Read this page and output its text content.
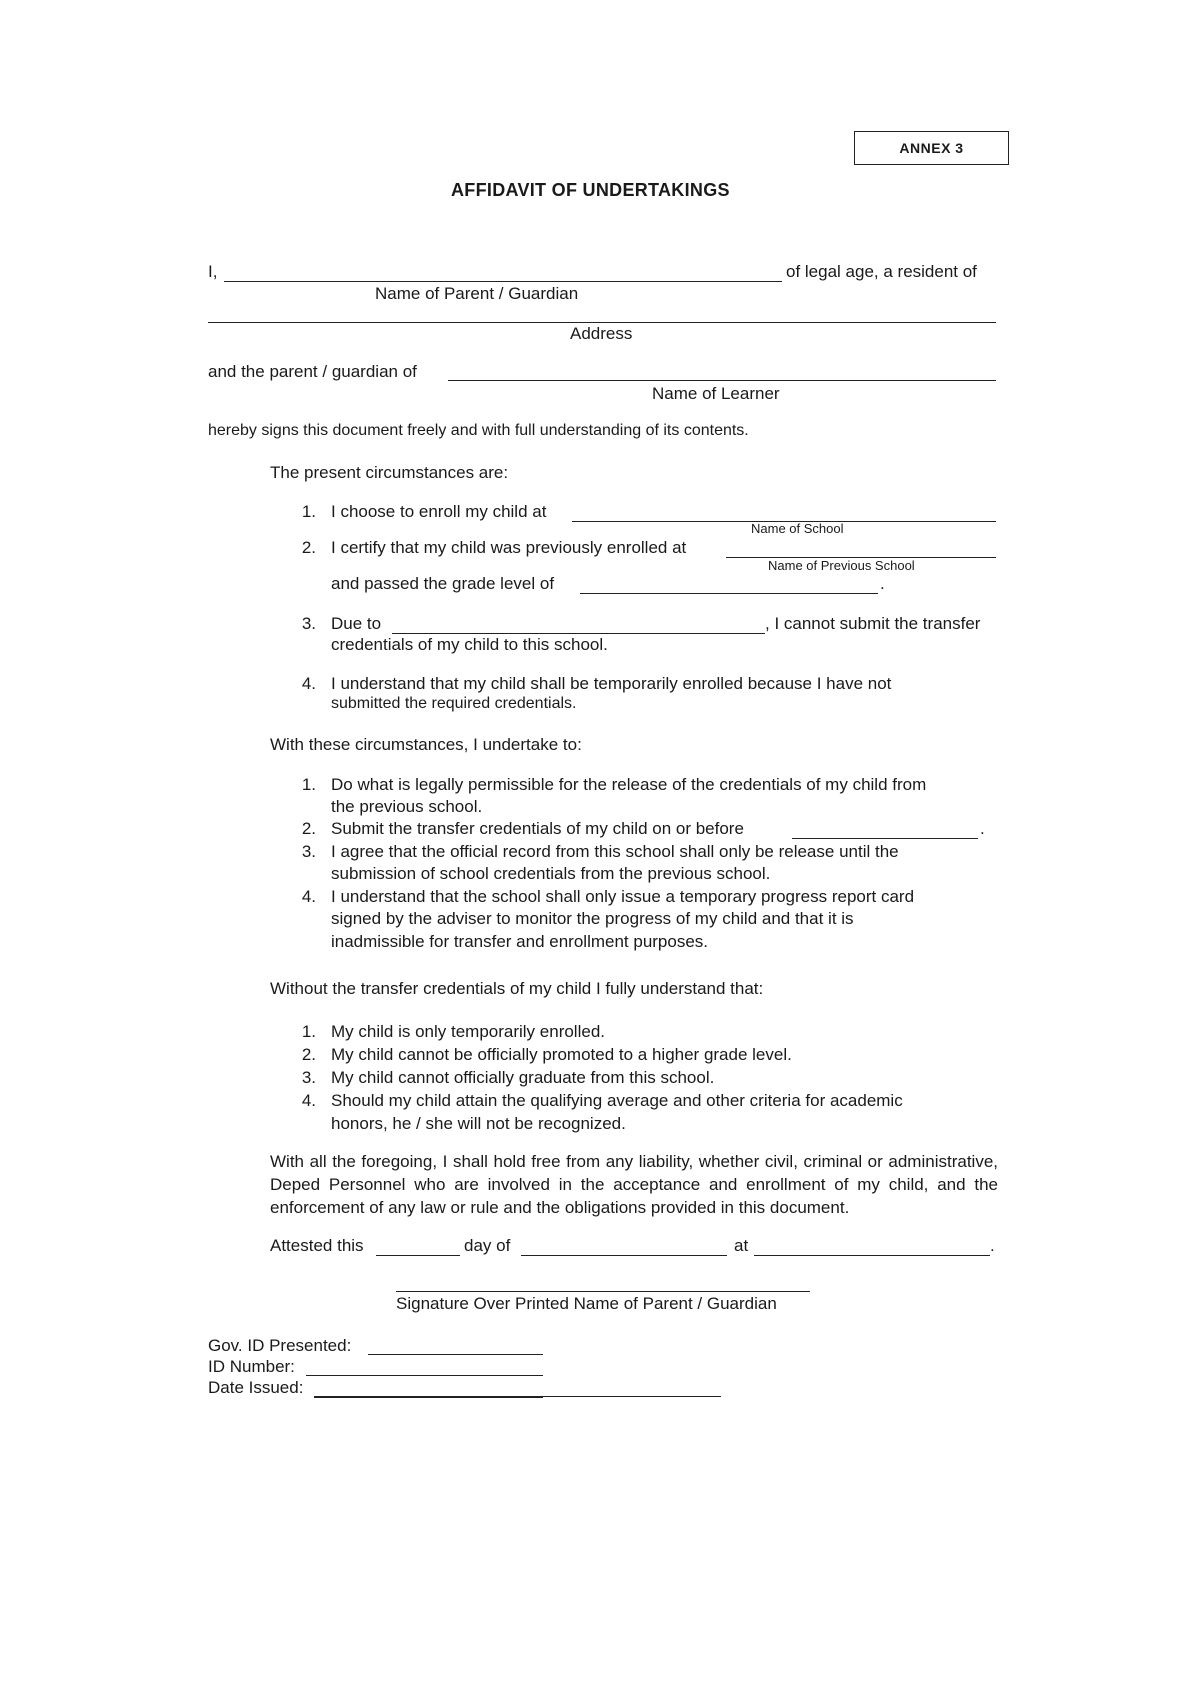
ANNEX 3
AFFIDAVIT OF UNDERTAKINGS
I,	of legal age, a resident of
Name of Parent / Guardian
Address
and the parent / guardian of
Name of Learner
hereby signs this document freely and with full understanding of its contents.
The present circumstances are:
1. I choose to enroll my child at
Name of School
2. I certify that my child was previously enrolled at
Name of Previous School
and passed the grade level of	.
3. Due to	, I cannot submit the transfer
credentials of my child to this school.
4. I understand that my child shall be temporarily enrolled because I have not
submitted the required credentials.
With these circumstances, I undertake to:
1. Do what is legally permissible for the release of the credentials of my child from
the previous school.
2. Submit the transfer credentials of my child on or before	.
3. I agree that the official record from this school shall only be release until the
submission of school credentials from the previous school.
4. I understand that the school shall only issue a temporary progress report card
signed by the adviser to monitor the progress of my child and that it is
inadmissible for transfer and enrollment purposes.
Without the transfer credentials of my child I fully understand that:
1. My child is only temporarily enrolled.
2. My child cannot be officially promoted to a higher grade level.
3. My child cannot officially graduate from this school.
4. Should my child attain the qualifying average and other criteria for academic
honors, he / she will not be recognized.
With all the foregoing, I shall hold free from any liability, whether civil, criminal or administrative, Deped Personnel who are involved in the acceptance and enrollment of my child, and the enforcement of any law or rule and the obligations provided in this document.
Attested this	day of	at	.
Signature Over Printed Name of Parent / Guardian
Gov. ID Presented:
ID Number:
Date Issued:
